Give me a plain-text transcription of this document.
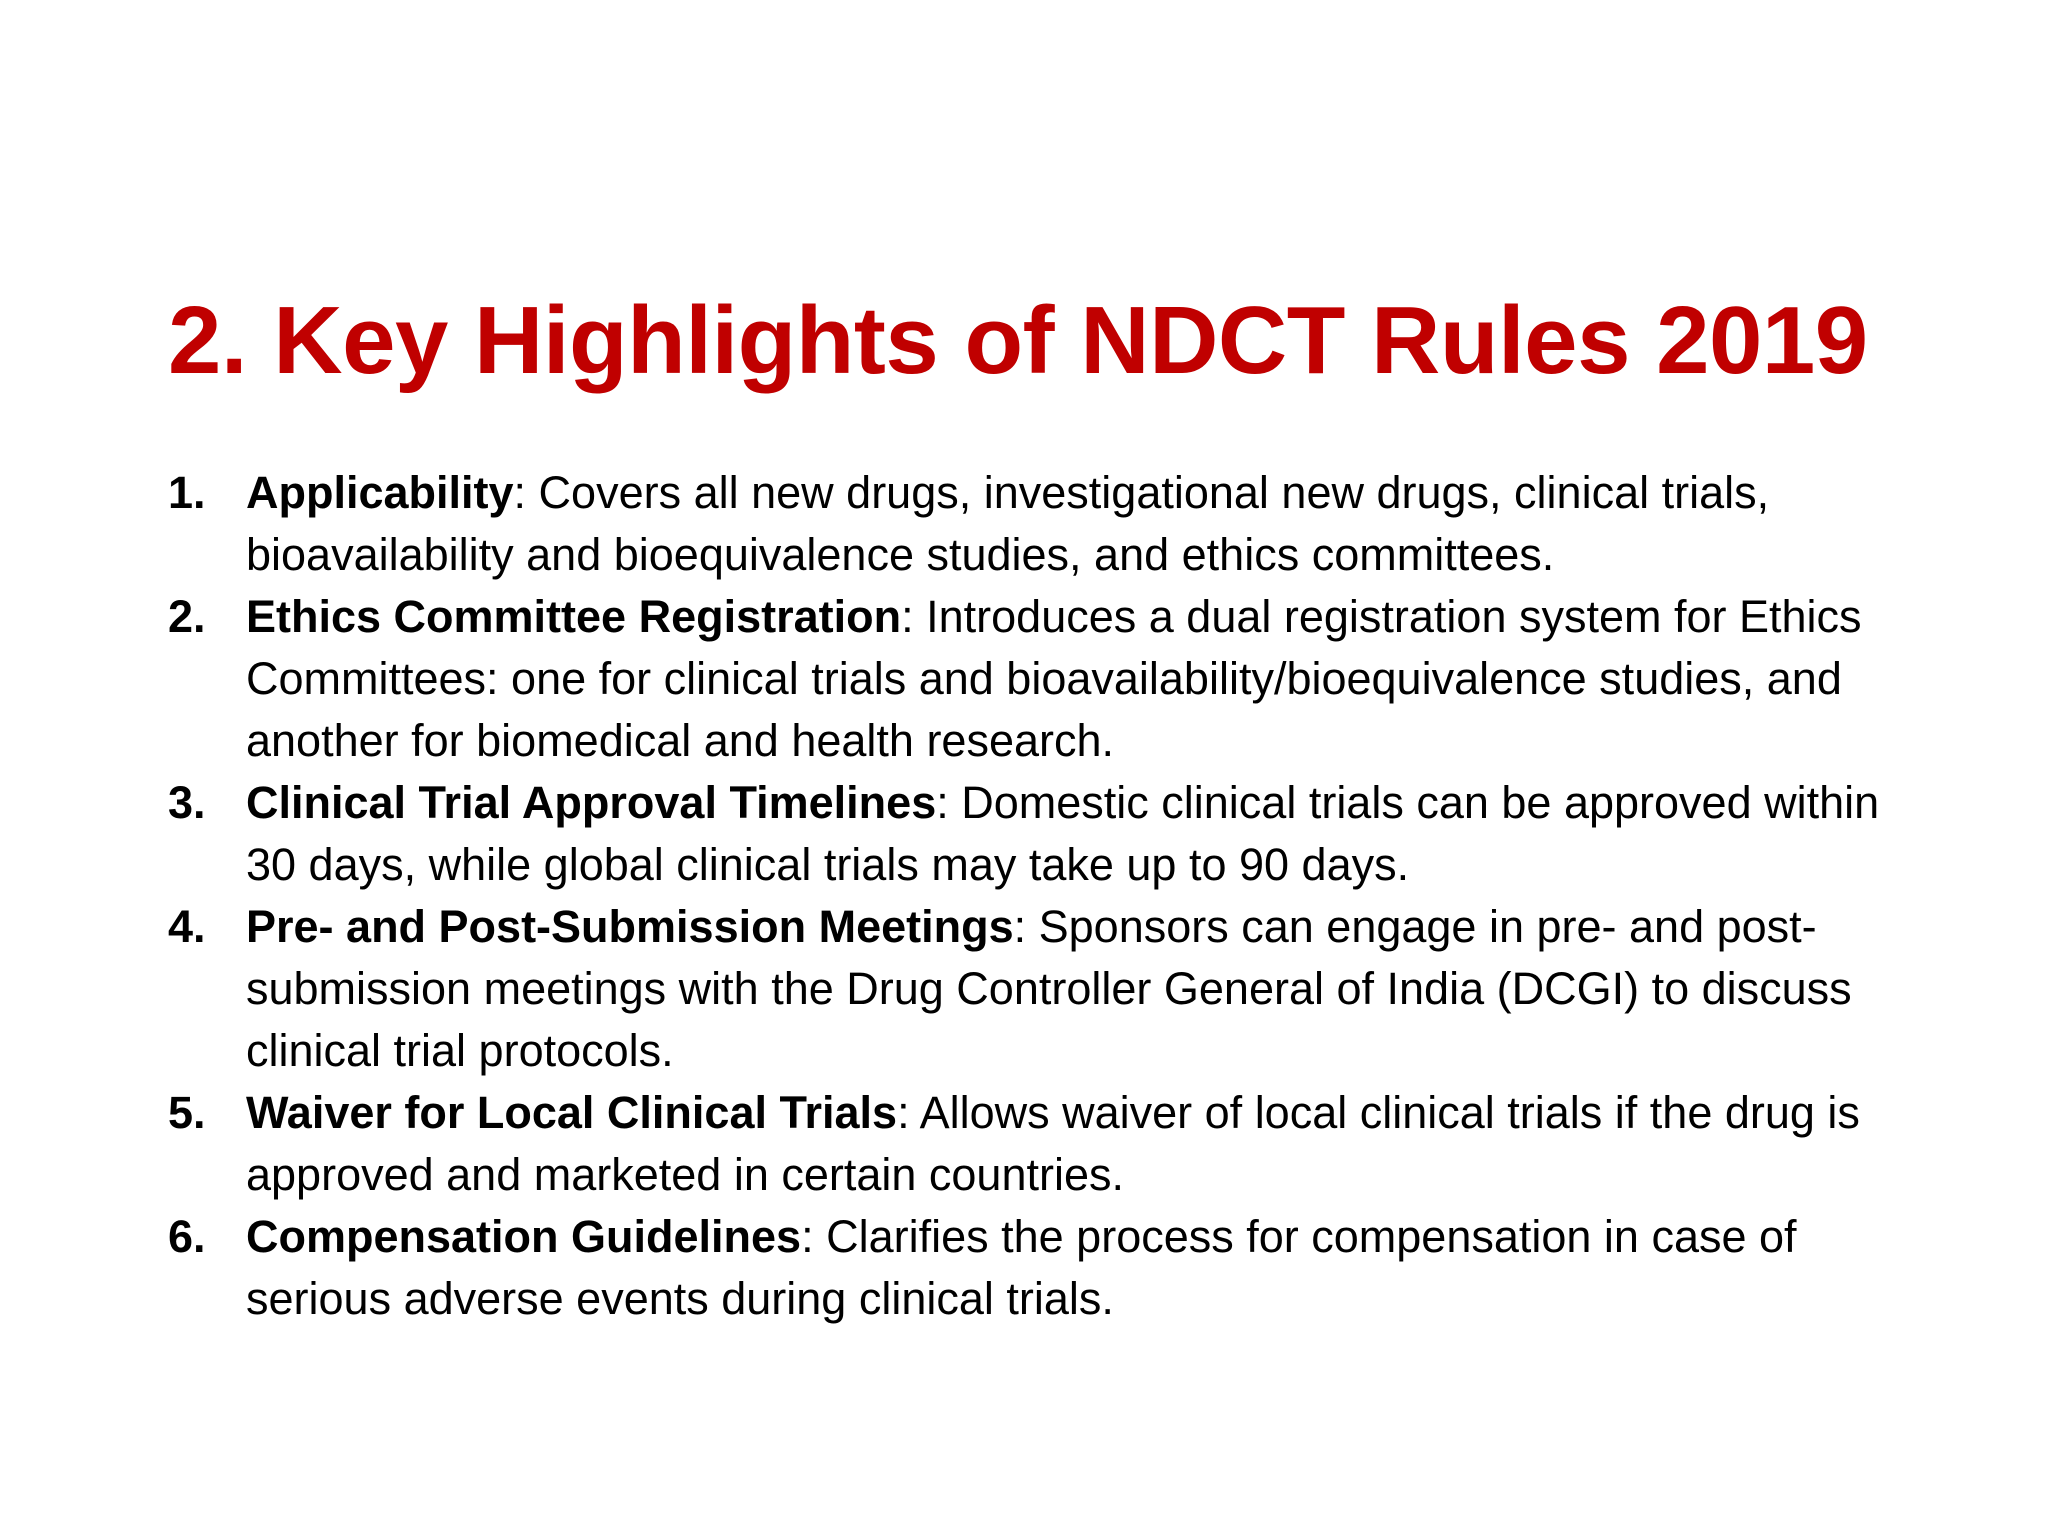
2. Key Highlights of NDCT Rules 2019
1. Applicability: Covers all new drugs, investigational new drugs, clinical trials, bioavailability and bioequivalence studies, and ethics committees.
2. Ethics Committee Registration: Introduces a dual registration system for Ethics Committees: one for clinical trials and bioavailability/bioequivalence studies, and another for biomedical and health research.
3. Clinical Trial Approval Timelines: Domestic clinical trials can be approved within 30 days, while global clinical trials may take up to 90 days.
4. Pre- and Post-Submission Meetings: Sponsors can engage in pre- and post-submission meetings with the Drug Controller General of India (DCGI) to discuss clinical trial protocols.
5. Waiver for Local Clinical Trials: Allows waiver of local clinical trials if the drug is approved and marketed in certain countries.
6. Compensation Guidelines: Clarifies the process for compensation in case of serious adverse events during clinical trials.
